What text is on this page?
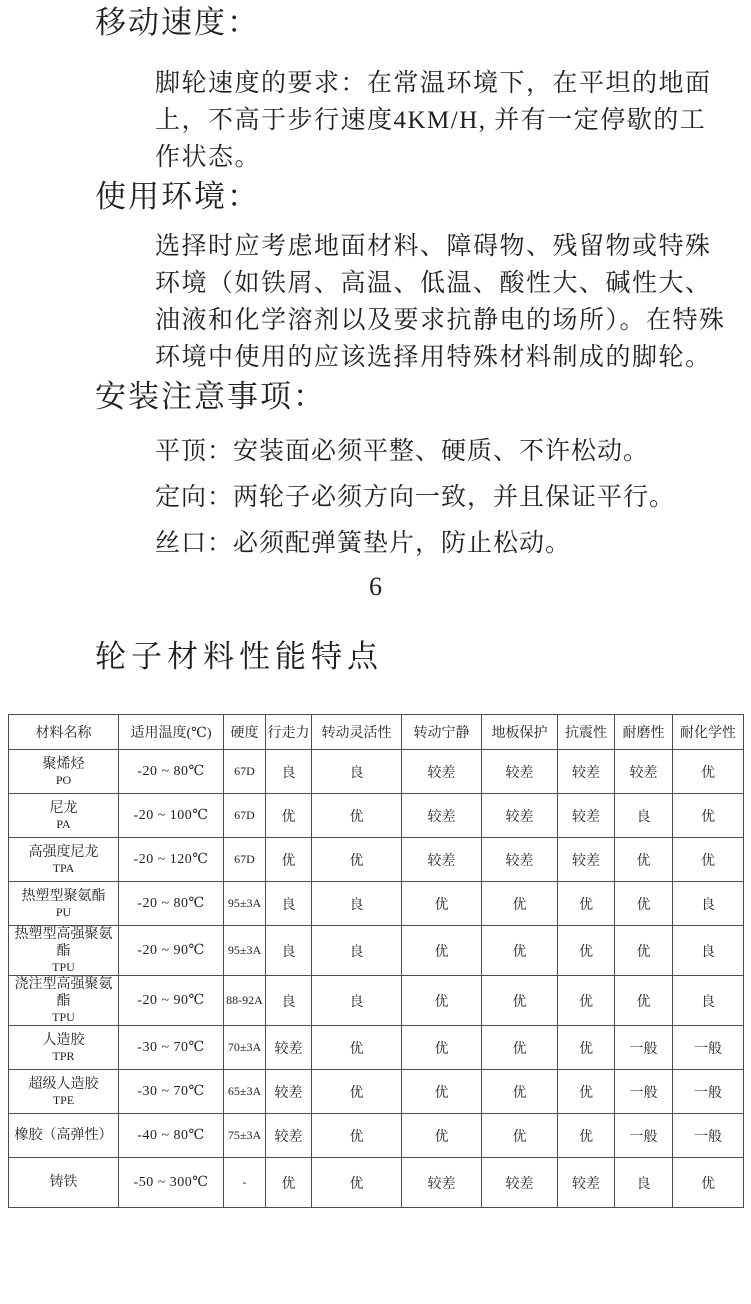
移动速度：

脚轮速度的要求：在常温环境下，在平坦的地面上，不高于步行速度4KM/H, 并有一定停歇的工作状态。

使用环境：

选择时应考虑地面材料、障碍物、残留物或特殊环境（如铁屑、高温、低温、酸性大、碱性大、油液和化学溶剂以及要求抗静电的场所）。在特殊环境中使用的应该选择用特殊材料制成的脚轮。

安装注意事项：

平顶：安装面必须平整、硬质、不许松动。

定向：两轮子必须方向一致，并且保证平行。

丝口：必须配弹簧垫片，防止松动。

6
轮子材料性能特点
材料名称	适用温度(℃)	硬度	行走力	转动灵活性	转动宁静	地板保护	抗震性	耐磨性	耐化学性

聚烯烃
PO	-20 ~ 80℃	67D	良	良	较差	较差	较差	较差	优

尼龙
PA	-20 ~ 100℃	67D	优	优	较差	较差	较差	良	优

高强度尼龙
TPA	-20 ~ 120℃	67D	优	优	较差	较差	较差	优	优

热塑型聚氨酯
PU	-20 ~ 80℃	95±3A	良	良	优	优	优	优	良

热塑型高强聚氨酯
TPU	-20 ~ 90℃	95±3A	良	良	优	优	优	优	良

浇注型高强聚氨酯
TPU	-20 ~ 90℃	88-92A	良	良	优	优	优	优	良

人造胶
TPR	-30 ~ 70℃	70±3A	较差	优	优	优	优	一般	一般

超级人造胶
TPE	-30 ~ 70℃	65±3A	较差	优	优	优	优	一般	一般

橡胶（高弹性）	-40 ~ 80℃	75±3A	较差	优	优	优	优	一般	一般

铸铁	-50 ~ 300℃	-	优	优	较差	较差	较差	良	优
